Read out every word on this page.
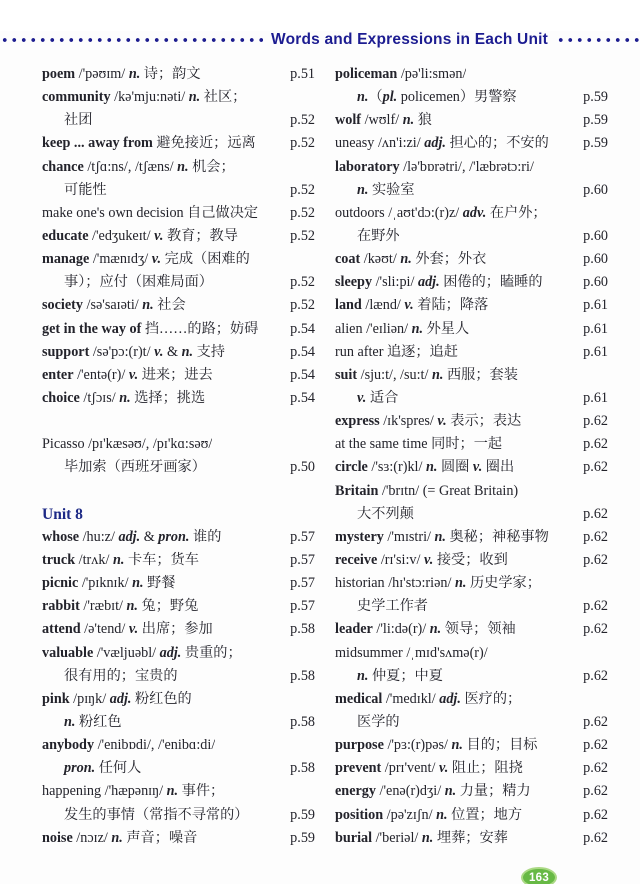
Words and Expressions in Each Unit
poem /'pəʊɪm/ n. 诗；韵文	p.51
community /kə'mju:nəti/ n. 社区；
社团	p.52
keep ... away from 避免接近；远离	p.52
chance /tʃɑ:ns/, /tʃæns/ n. 机会；
可能性	p.52
make one's own decision 自己做决定	p.52
educate /'edʒukeɪt/ v. 教育；教导	p.52
manage /'mænɪdʒ/ v. 完成（困难的
事）；应付（困难局面）	p.52
society /sə'saɪəti/ n. 社会	p.52
get in the way of 挡……的路；妨碍	p.54
support /sə'pɔ:(r)t/ v. & n. 支持	p.54
enter /'entə(r)/ v. 进来；进去	p.54
choice /tʃɔɪs/ n. 选择；挑选	p.54
Picasso /pɪ'kæsəʊ/, /pɪ'kɑ:səʊ/
毕加索（西班牙画家）	p.50
Unit 8
whose /hu:z/ adj. & pron. 谁的	p.57
truck /trʌk/ n. 卡车；货车	p.57
picnic /'pɪknɪk/ n. 野餐	p.57
rabbit /'ræbɪt/ n. 兔；野兔	p.57
attend /ə'tend/ v. 出席；参加	p.58
valuable /'væljuəbl/ adj. 贵重的；
很有用的；宝贵的	p.58
pink /pɪŋk/ adj. 粉红色的
n. 粉红色	p.58
anybody /'enibɒdi/, /'enibɑ:di/
pron. 任何人	p.58
happening /'hæpənɪŋ/ n. 事件；
发生的事情（常指不寻常的）	p.59
noise /nɔɪz/ n. 声音；噪音	p.59
policeman /pə'li:smən/
n.（pl. policemen）男警察	p.59
wolf /wʊlf/ n. 狼	p.59
uneasy /ʌn'i:zi/ adj. 担心的；不安的	p.59
laboratory /lə'bɒrətri/, /'læbrətɔ:ri/
n. 实验室	p.60
outdoors /ˌaʊt'dɔ:(r)z/ adv. 在户外；
在野外	p.60
coat /kəʊt/ n. 外套；外衣	p.60
sleepy /'sli:pi/ adj. 困倦的；瞌睡的	p.60
land /lænd/ v. 着陆；降落	p.61
alien /'eɪliən/ n. 外星人	p.61
run after 追逐；追赶	p.61
suit /sju:t/, /su:t/ n. 西服；套装
v. 适合	p.61
express /ɪk'spres/ v. 表示；表达	p.62
at the same time 同时；一起	p.62
circle /'sɜ:(r)kl/ n. 圆圈 v. 圈出	p.62
Britain /'brɪtn/ (= Great Britain)
大不列颠	p.62
mystery /'mɪstri/ n. 奥秘；神秘事物	p.62
receive /rɪ'si:v/ v. 接受；收到	p.62
historian /hɪ'stɔ:riən/ n. 历史学家；
史学工作者	p.62
leader /'li:də(r)/ n. 领导；领袖	p.62
midsummer /ˌmɪd'sʌmə(r)/
n. 仲夏；中夏	p.62
medical /'medɪkl/ adj. 医疗的；
医学的	p.62
purpose /'pɜ:(r)pəs/ n. 目的；目标	p.62
prevent /prɪ'vent/ v. 阻止；阻挠	p.62
energy /'enə(r)dʒi/ n. 力量；精力	p.62
position /pə'zɪʃn/ n. 位置；地方	p.62
burial /'beriəl/ n. 埋葬；安葬	p.62
163
